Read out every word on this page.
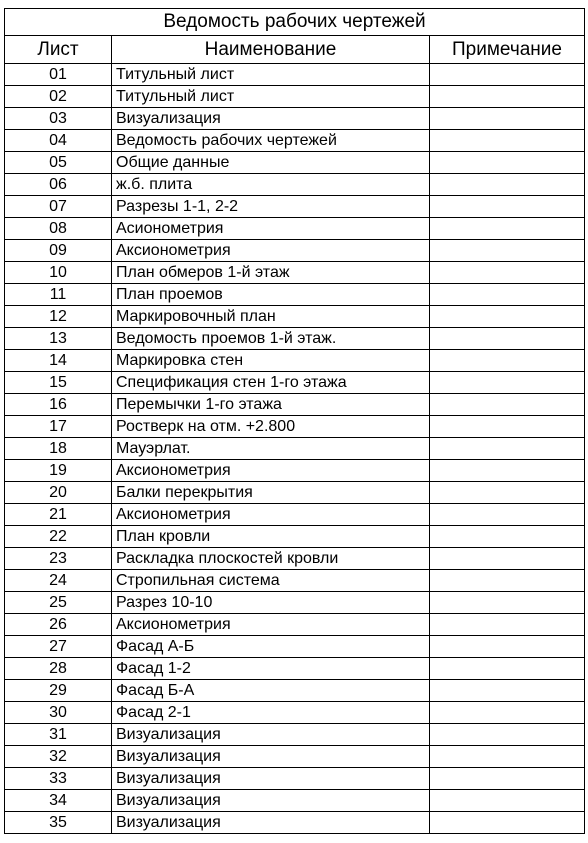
Ведомость рабочих чертежей		
Лист	Наименование	Примечание
01	Титульный лист	
02	Титульный лист	
03	Визуализация	
04	Ведомость рабочих чертежей	
05	Общие данные	
06	ж.б. плита	
07	Разрезы 1-1, 2-2	
08	Асионометрия	
09	Аксионометрия	
10	План обмеров 1-й этаж	
11	План проемов	
12	Маркировочный план	
13	Ведомость проемов 1-й этаж.	
14	Маркировка стен	
15	Спецификация стен 1-го этажа	
16	Перемычки 1-го этажа	
17	Ростверк на отм. +2.800	
18	Мауэрлат.	
19	Аксионометрия	
20	Балки перекрытия	
21	Аксионометрия	
22	План кровли	
23	Раскладка плоскостей кровли	
24	Стропильная система	
25	Разрез 10-10	
26	Аксионометрия	
27	Фасад А-Б	
28	Фасад 1-2	
29	Фасад Б-А	
30	Фасад 2-1	
31	Визуализация	
32	Визуализация	
33	Визуализация	
34	Визуализация	
35	Визуализация	
